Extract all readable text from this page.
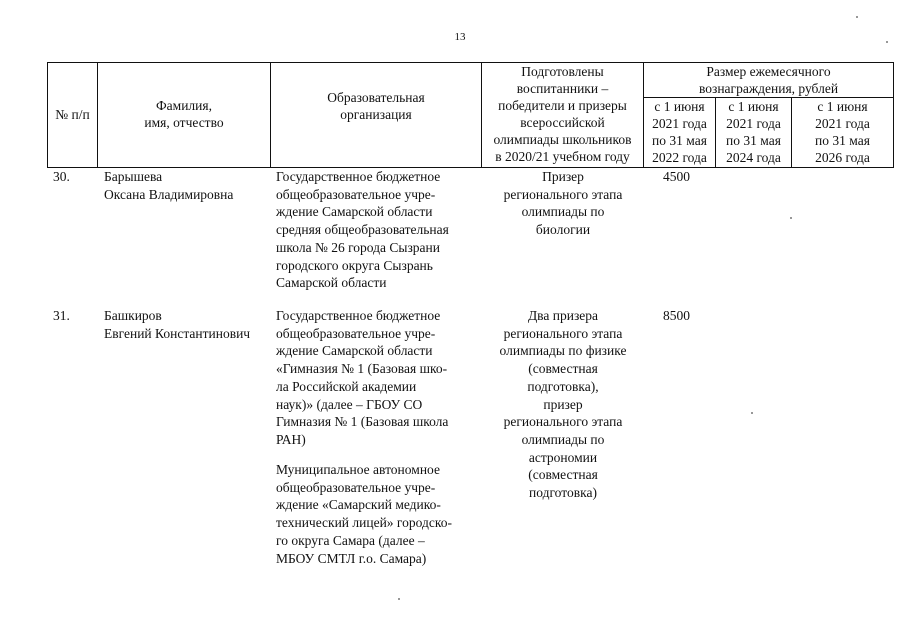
13
№ п/п
Фамилия,
имя, отчество
Образовательная
организация
Подготовлены
воспитанники –
победители и призеры
всероссийской
олимпиады школьников
в 2020/21 учебном году
Размер ежемесячного
вознаграждения, рублей
с 1 июня
2021 года
по 31 мая
2022 года
с 1 июня
2021 года
по 31 мая
2024 года
с 1 июня
2021 года
по 31 мая
2026 года
30.	Барышева
Оксана Владимировна
Государственное бюджетное
общеобразовательное учре-
ждение Самарской области
средняя общеобразовательная
школа № 26 города Сызрани
городского округа Сызрань
Самарской области
Призер
регионального этапа
олимпиады по
биологии
4500
31.	Башкиров
Евгений Константинович
Государственное бюджетное
общеобразовательное учре-
ждение Самарской области
«Гимназия № 1 (Базовая шко-
ла Российской академии
наук)» (далее – ГБОУ СО
Гимназия № 1 (Базовая школа
РАН)
Муниципальное автономное
общеобразовательное учре-
ждение «Самарский медико-
технический лицей» городско-
го округа Самара (далее –
МБОУ СМТЛ г.о. Самара)
Два призера
регионального этапа
олимпиады по физике
(совместная
подготовка),
призер
регионального этапа
олимпиады по
астрономии
(совместная
подготовка)
8500
